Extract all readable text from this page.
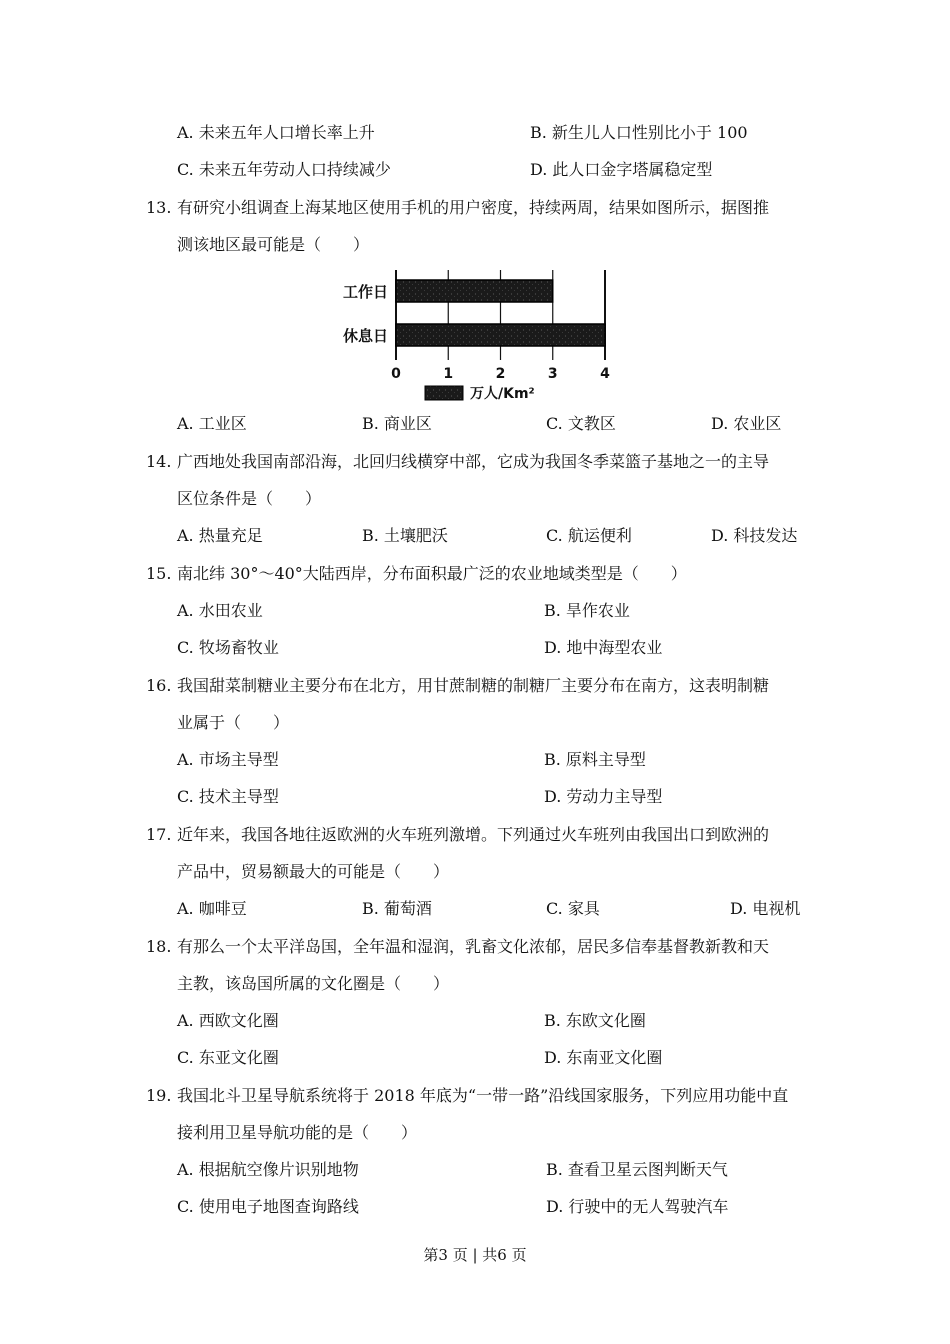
A. 未来五年人口增长率上升	B. 新生儿人口性别比小于 100
C. 未来五年劳动人口持续减少	D. 此人口金字塔属稳定型
13. 有研究小组调查上海某地区使用手机的用户密度，持续两周，结果如图所示，据图推
测该地区最可能是（　　）
工作日
休息日
0	1	2	3	4
万人/Km²
A. 工业区	B. 商业区	C. 文教区	D. 农业区
14. 广西地处我国南部沿海，北回归线横穿中部，它成为我国冬季菜篮子基地之一的主导
区位条件是（　　）
A. 热量充足	B. 土壤肥沃	C. 航运便利	D. 科技发达
15. 南北纬 30°～40°大陆西岸，分布面积最广泛的农业地域类型是（　　）
A. 水田农业	B. 旱作农业
C. 牧场畜牧业	D. 地中海型农业
16. 我国甜菜制糖业主要分布在北方，用甘蔗制糖的制糖厂主要分布在南方，这表明制糖
业属于（　　）
A. 市场主导型	B. 原料主导型
C. 技术主导型	D. 劳动力主导型
17. 近年来，我国各地往返欧洲的火车班列激增。下列通过火车班列由我国出口到欧洲的
产品中，贸易额最大的可能是（　　）
A. 咖啡豆	B. 葡萄酒	C. 家具	D. 电视机
18. 有那么一个太平洋岛国，全年温和湿润，乳畜文化浓郁，居民多信奉基督教新教和天
主教，该岛国所属的文化圈是（　　）
A. 西欧文化圈	B. 东欧文化圈
C. 东亚文化圈	D. 东南亚文化圈
19. 我国北斗卫星导航系统将于 2018 年底为“一带一路”沿线国家服务，下列应用功能中直
接利用卫星导航功能的是（　　）
A. 根据航空像片识别地物	B. 查看卫星云图判断天气
C. 使用电子地图查询路线	D. 行驶中的无人驾驶汽车
第3 页 | 共6 页
